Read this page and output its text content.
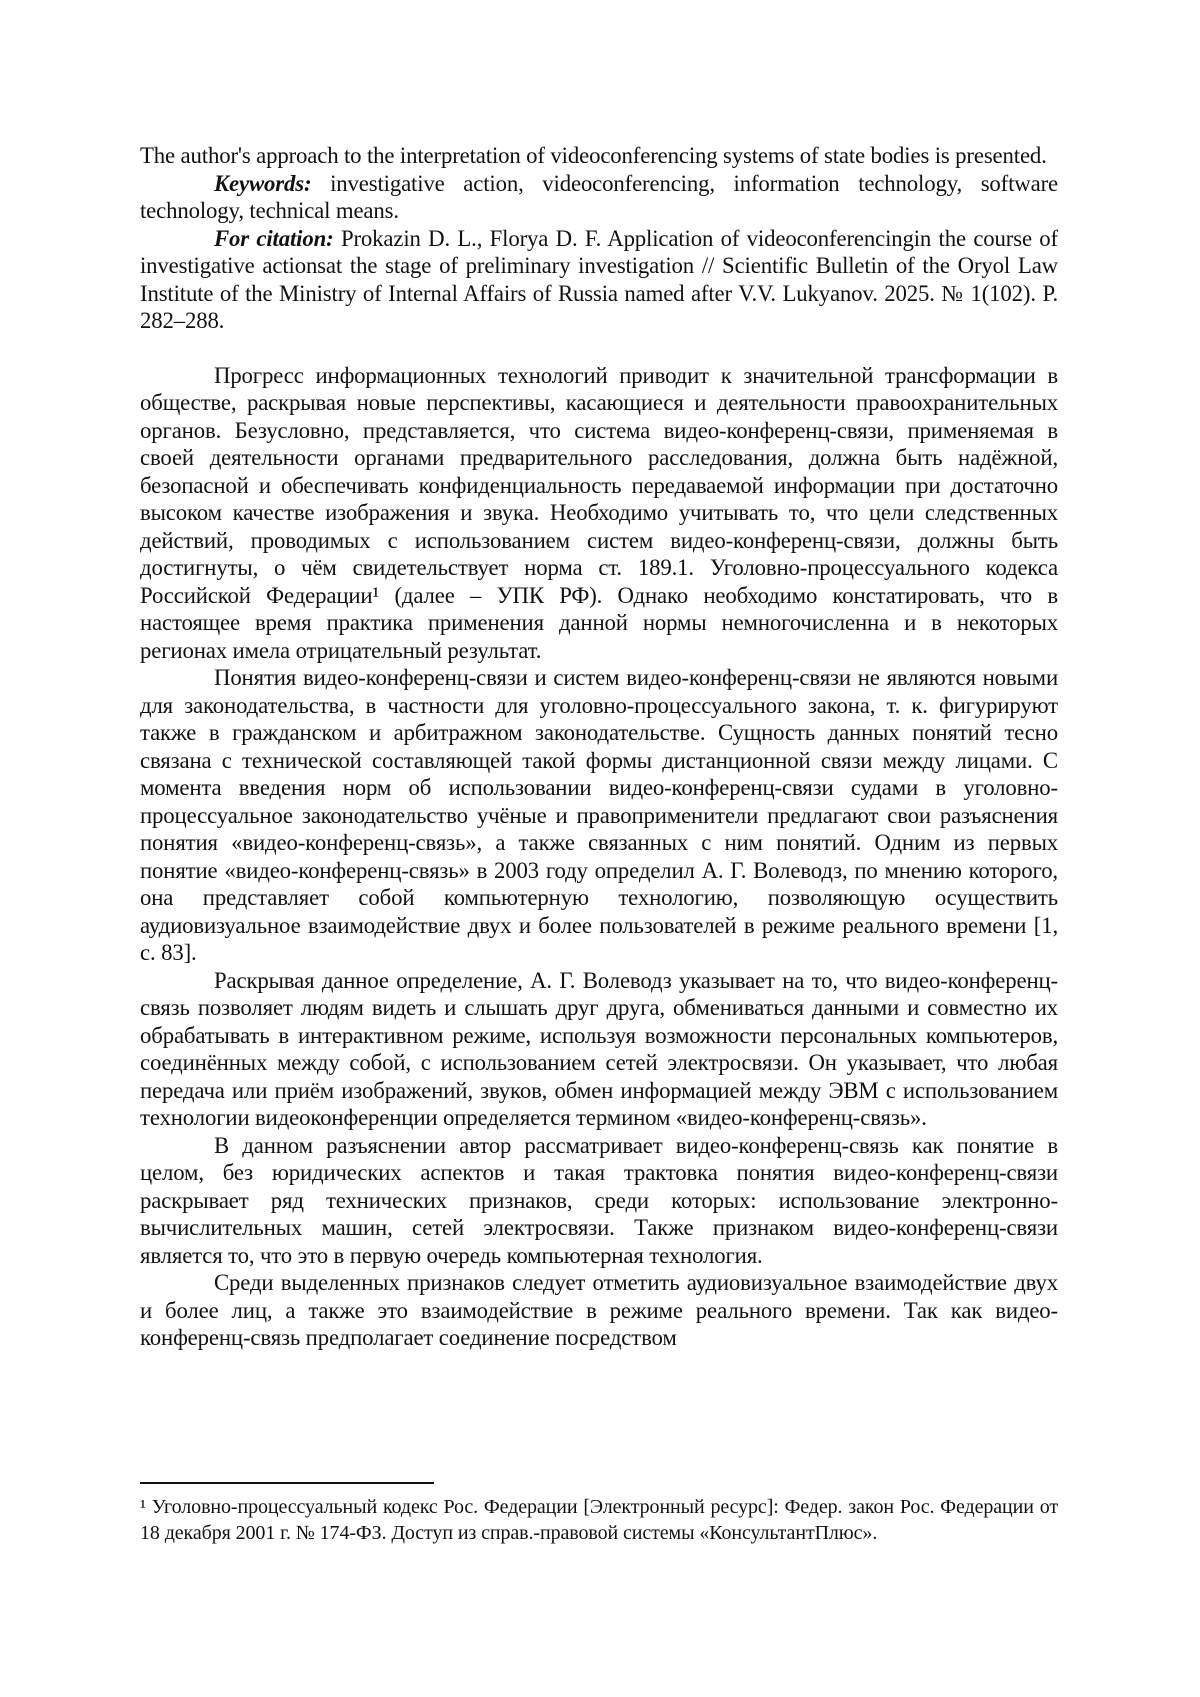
The author's approach to the interpretation of videoconferencing systems of state bodies is presented.

Keywords: investigative action, videoconferencing, information technology, software technology, technical means.

For citation: Prokazin D. L., Florya D. F. Application of videoconferencingin the course of investigative actionsat the stage of preliminary investigation // Scientific Bulletin of the Oryol Law Institute of the Ministry of Internal Affairs of Russia named after V.V. Lukyanov. 2025. № 1(102). P. 282–288.

Прогресс информационных технологий приводит к значительной трансформации в обществе, раскрывая новые перспективы, касающиеся и деятельности правоохранительных органов. Безусловно, представляется, что система видео-конференц-связи, применяемая в своей деятельности органами предварительного расследования, должна быть надёжной, безопасной и обеспечивать конфиденциальность передаваемой информации при достаточно высоком качестве изображения и звука. Необходимо учитывать то, что цели следственных действий, проводимых с использованием систем видео-конференц-связи, должны быть достигнуты, о чём свидетельствует норма ст. 189.1. Уголовно-процессуального кодекса Российской Федерации¹ (далее – УПК РФ). Однако необходимо констатировать, что в настоящее время практика применения данной нормы немногочисленна и в некоторых регионах имела отрицательный результат.

Понятия видео-конференц-связи и систем видео-конференц-связи не являются новыми для законодательства, в частности для уголовно-процессуального закона, т. к. фигурируют также в гражданском и арбитражном законодательстве. Сущность данных понятий тесно связана с технической составляющей такой формы дистанционной связи между лицами. С момента введения норм об использовании видео-конференц-связи судами в уголовно-процессуальное законодательство учёные и правоприменители предлагают свои разъяснения понятия «видео-конференц-связь», а также связанных с ним понятий. Одним из первых понятие «видео-конференц-связь» в 2003 году определил А. Г. Волеводз, по мнению которого, она представляет собой компьютерную технологию, позволяющую осуществить аудиовизуальное взаимодействие двух и более пользователей в режиме реального времени [1, с. 83].

Раскрывая данное определение, А. Г. Волеводз указывает на то, что видео-конференц-связь позволяет людям видеть и слышать друг друга, обмениваться данными и совместно их обрабатывать в интерактивном режиме, используя возможности персональных компьютеров, соединённых между собой, с использованием сетей электросвязи. Он указывает, что любая передача или приём изображений, звуков, обмен информацией между ЭВМ с использованием технологии видеоконференции определяется термином «видео-конференц-связь».

В данном разъяснении автор рассматривает видео-конференц-связь как понятие в целом, без юридических аспектов и такая трактовка понятия видео-конференц-связи раскрывает ряд технических признаков, среди которых: использование электронно-вычислительных машин, сетей электросвязи. Также признаком видео-конференц-связи является то, что это в первую очередь компьютерная технология.

Среди выделенных признаков следует отметить аудиовизуальное взаимодействие двух и более лиц, а также это взаимодействие в режиме реального времени. Так как видео-конференц-связь предполагает соединение посредством

¹ Уголовно-процессуальный кодекс Рос. Федерации [Электронный ресурс]: Федер. закон Рос. Федерации от 18 декабря 2001 г. № 174-ФЗ. Доступ из справ.-правовой системы «КонсультантПлюс».
